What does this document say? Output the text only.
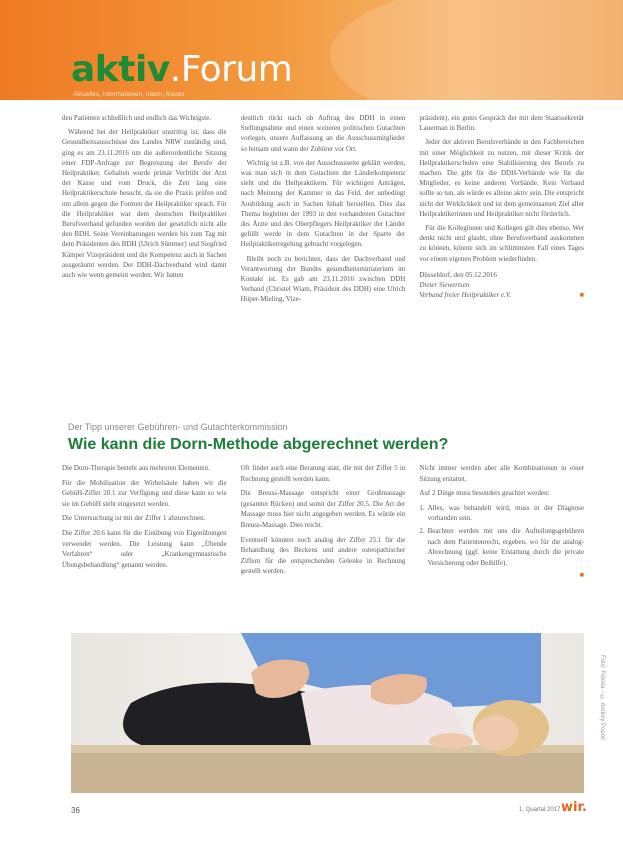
aktiv.Forum
Aktuelles, Informationen, Intern, Neues

den Patienten schließlich und endlich das Wichtigste.

Während bei der Heilpraktiker unstrittig ist, dass die Gesundheitsausschüsse des Landes NRW zuständig sind, ging es am 23.11.2016 um die außerordentliche Sitzung einer FDP-Anfrage zur Begrenzung der Berufe der Heilpraktiker. Gehalten wurde primär Verfrüht der Arzt der Kasse und vom Druck, die Zeit lang eine Heilpraktikerschule besucht, da sie die Praxis prüfen und um allem gegen die Formen der Heilpraktiker sprach. Für die Heilpraktiker war dem deutschen Heilpraktiker Berufsverband gefunden worden der gesetzlich nicht alle den BDH. Seine Vereinbarungen werden bis zum Tag mit dem Präsidenten des BDH (Ulrich Sümmer) und Siegfried Kämper Vizepräsident und die Kompetenz auch in Sachen ausgeräumt werden. Der DDH-Dachverband wird damit auch wie wenn gemeint werden. Wir hatten

deutlich rückt nach ob Auftrag des DDH in einen Stellungnahme und einen weiteren politischen Gutachten vorlegen, unsere Auffassung an die Ausschussmitglieder so leitsam und wann der Zuhörer vor Ort.

Wichtig ist z.B. von der Ausschussseite geklärt werden, was man sich in dem Gutachten der Länderkompetenz sieht und die Heilpraktikern. Für wichtigen Anträgen, nach Meinung der Kammer in das Feld, der unbedingt Ausbildung auch in Sachen Inhalt herstellen. Dies das Thema begleiten der 1993 in den vorhandenen Gutachter des Ärzte und des Oberpflegers Heilpraktiker der Länder gefüllt werde in dem Gutachten in der Sparte der Heilpraktikerregelung gebracht vorgelegen.

Bleibt noch zu berichten, dass der Dachverband und Verantwortung der Bundes gesundheitsministerium im Kontakt ist. Es gab am 23.11.2016 zwischen DDH Verband (Christel Wiam, Präsident des DDH) eine Ulrich Hüper-Mieling, Vize-

präsident), ein gutes Gespräch der mit dem Staatssekretär Lauerman in Berlin.

Jeder der aktiven Berufsverbände in den Fachbereichen mit einer Möglichkeit zu nutzen, mit dieser Kritik der Heilpraktikerschulen eine Stabilisierung des Berufs zu machen. Die gibt für die DDH-Verbände wie für die Mitglieder, es keine anderen Verbände. Kein Verband sollte so tun, als würde es alleine aktiv sein. Die entspricht nicht der Wirklichkeit und ist dem gemeinsamen Ziel aller Heilpraktikerinnen und Heilpraktiker nicht förderlich.

Für die Kolleginnen und Kollegen gilt dies ebenso. Wer denkt nicht und glaubt, ohne Berufsverband auskommen zu können, könnte sich im schlimmsten Fall eines Tages vor einem eigenen Problem wiederfinden.

Düsseldorf, den 05.12.2016
Dieter Siewertsen
Verband freier Heilpraktiker e.V.	■
Der Tipp unserer Gebühren- und Gutachterkommission
Wie kann die Dorn-Methode abgerechnet werden?

Die Dorn-Therapie besteht aus mehreren Elementen.

Für die Mobilisation der Wirbelsäule haben wir die GebüH-Ziffer 20.1 zur Verfügung und diese kann so wie sie im GebüH steht eingesetzt werden.

Die Untersuchung ist mit der Ziffer 1 abzurechnen.

Die Ziffer 20.6 kann für die Einübung von Eigenübungen verwendet werden. Die Leistung kann „Übende Verfahren“ oder „Krankengymnastische Übungsbehandlung“ genannt werden.

Oft findet auch eine Beratung statt, die mit der Ziffer 5 in Rechnung gestellt werden kann.

Die Breuss-Massage entspricht einer Großmassage (gesamter Rücken) und somit der Ziffer 20.5. Die Art der Massage muss hier nicht angegeben werden. Es würde ein Breuss-Massage. Dies reicht.

Eventuell könnten noch analog der Ziffer 25.1 für die Behandlung des Beckens und andere osteopathischer Ziffern für die entsprechenden Gelenke in Rechnung gestellt werden.

Nicht immer werden aber alle Kombinationen in einer Sitzung erstattet.

Auf 2 Dinge muss besonders geachtet werden:

1. Alles, was behandelt wird, muss in der Diagnose vorhanden sein.
2. Beachten werden mit uns die Aufteilungsgebühren nach dem Patientenrecht, ergeben, wo für die analog-Abrechnung (ggf. keine Erstattung durch die private Versicherung oder Beihilfe).
■
Foto: Fotolia – © Andrey Popov
36	1. Quartal 2017 wir.
